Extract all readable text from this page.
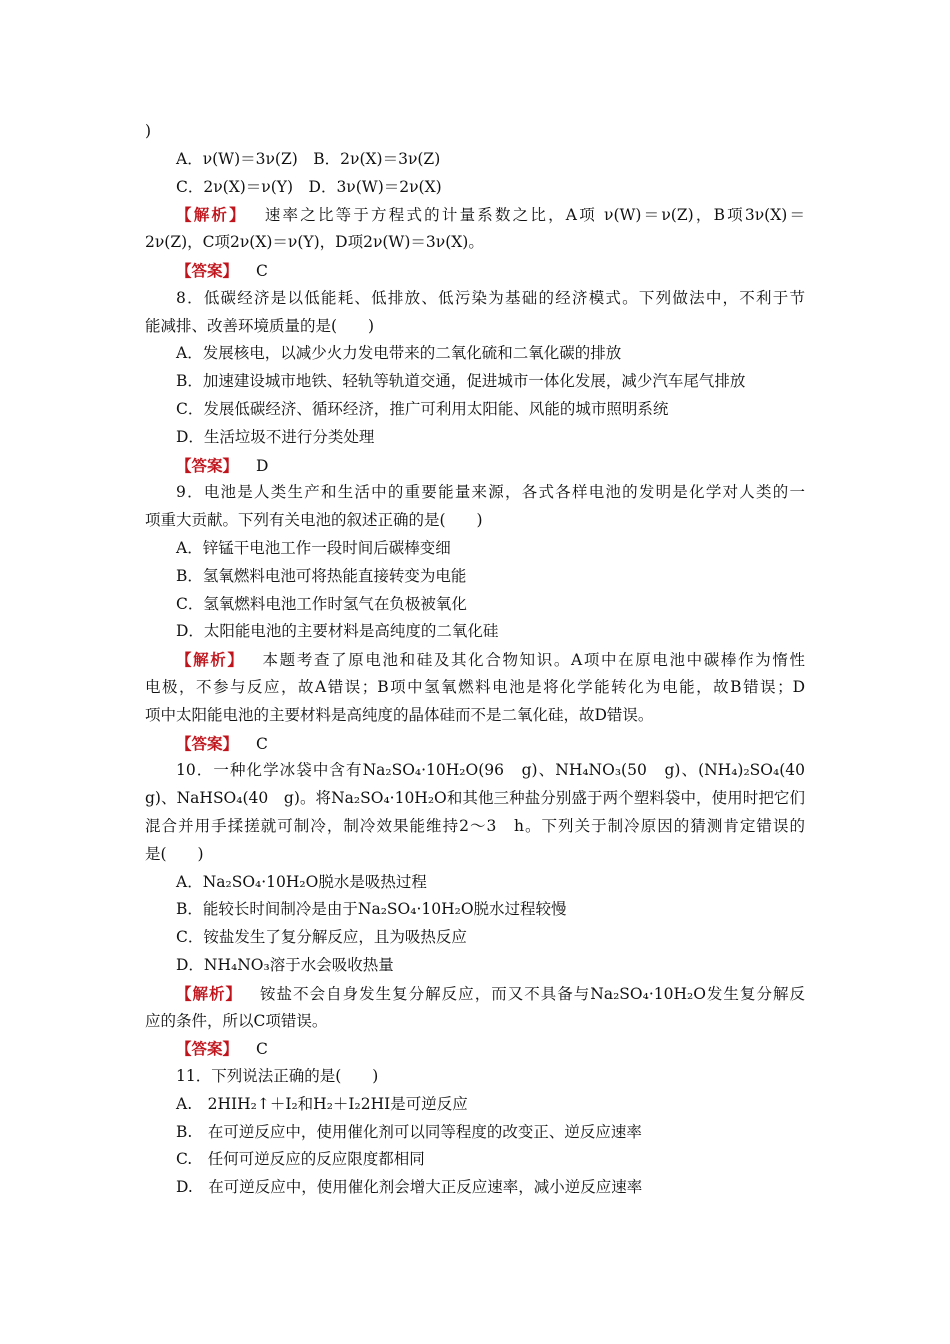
)
A．ν(W)＝3ν(Z)　B．2ν(X)＝3ν(Z)
C．2ν(X)＝ν(Y)　D．3ν(W)＝2ν(X)
【解析】 速率之比等于方程式的计量系数之比，A项 ν(W)＝ν(Z)，B项3ν(X)＝
2ν(Z)，C项2ν(X)＝ν(Y)，D项2ν(W)＝3ν(X)。
【答案】 C
8．低碳经济是以低能耗、低排放、低污染为基础的经济模式。下列做法中，不利于节
能减排、改善环境质量的是(　　)
A．发展核电，以减少火力发电带来的二氧化硫和二氧化碳的排放
B．加速建设城市地铁、轻轨等轨道交通，促进城市一体化发展，减少汽车尾气排放
C．发展低碳经济、循环经济，推广可利用太阳能、风能的城市照明系统
D．生活垃圾不进行分类处理
【答案】 D
9．电池是人类生产和生活中的重要能量来源，各式各样电池的发明是化学对人类的一
项重大贡献。下列有关电池的叙述正确的是(　　)
A．锌锰干电池工作一段时间后碳棒变细
B．氢氧燃料电池可将热能直接转变为电能
C．氢氧燃料电池工作时氢气在负极被氧化
D．太阳能电池的主要材料是高纯度的二氧化硅
【解析】 本题考查了原电池和硅及其化合物知识。A项中在原电池中碳棒作为惰性
电极，不参与反应，故A错误；B项中氢氧燃料电池是将化学能转化为电能，故B错误；D
项中太阳能电池的主要材料是高纯度的晶体硅而不是二氧化硅，故D错误。
【答案】 C
10．一种化学冰袋中含有Na₂SO₄·10H₂O(96　g)、NH₄NO₃(50　g)、(NH₄)₂SO₄(40
g)、NaHSO₄(40　g)。将Na₂SO₄·10H₂O和其他三种盐分别盛于两个塑料袋中，使用时把它们
混合并用手揉搓就可制冷，制冷效果能维持2～3　h。下列关于制冷原因的猜测肯定错误的
是(　　)
A．Na₂SO₄·10H₂O脱水是吸热过程
B．能较长时间制冷是由于Na₂SO₄·10H₂O脱水过程较慢
C．铵盐发生了复分解反应，且为吸热反应
D．NH₄NO₃溶于水会吸收热量
【解析】 铵盐不会自身发生复分解反应，而又不具备与Na₂SO₄·10H₂O发生复分解反
应的条件，所以C项错误。
【答案】 C
11．下列说法正确的是(　　)
A.　2HIH₂↑＋I₂和H₂＋I₂2HI是可逆反应
B.　在可逆反应中，使用催化剂可以同等程度的改变正、逆反应速率
C.　任何可逆反应的反应限度都相同
D.　在可逆反应中，使用催化剂会增大正反应速率，减小逆反应速率
